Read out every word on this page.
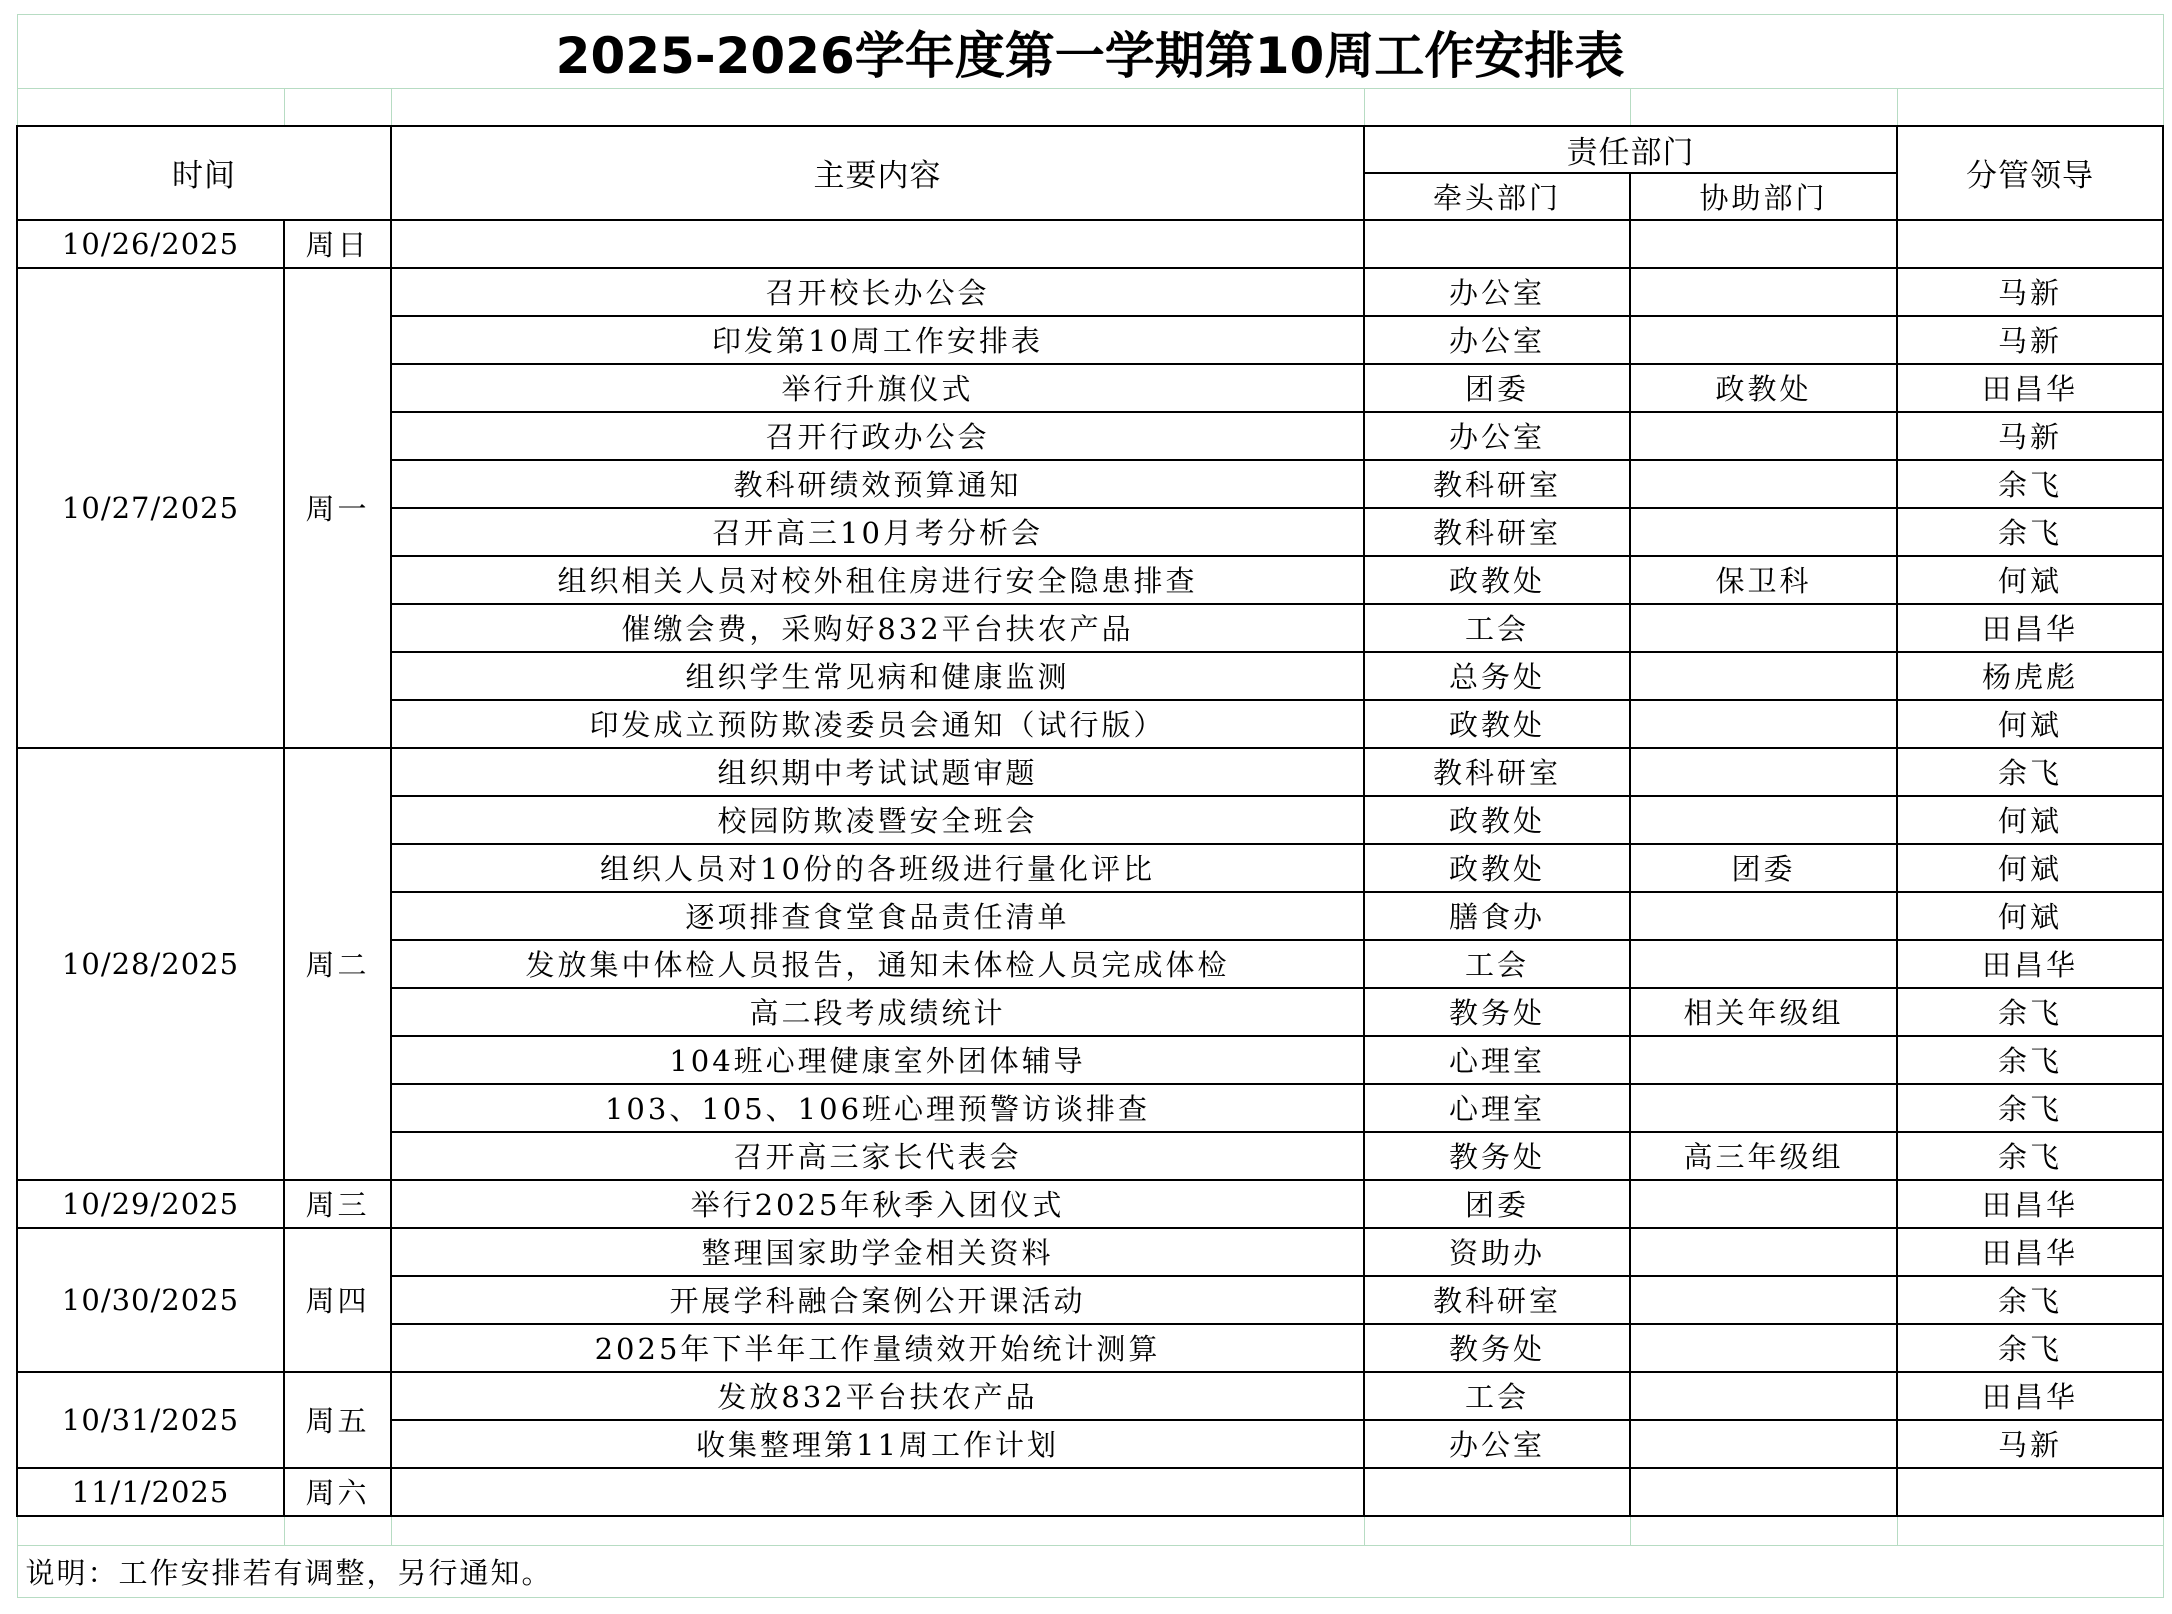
2025-2026学年度第一学期第10周工作安排表					

时间		主要内容	责任部门		分管领导
			牵头部门	协助部门	
10/26/2025	周日				
10/27/2025	周一	召开校长办公会	办公室		马新
		印发第10周工作安排表	办公室		马新
		举行升旗仪式	团委	政教处	田昌华
		召开行政办公会	办公室		马新
		教科研绩效预算通知	教科研室		余飞
		召开高三10月考分析会	教科研室		余飞
		组织相关人员对校外租住房进行安全隐患排查	政教处	保卫科	何斌
		催缴会费，采购好832平台扶农产品	工会		田昌华
		组织学生常见病和健康监测	总务处		杨虎彪
		印发成立预防欺凌委员会通知（试行版）	政教处		何斌
10/28/2025	周二	组织期中考试试题审题	教科研室		余飞
		校园防欺凌暨安全班会	政教处		何斌
		组织人员对10份的各班级进行量化评比	政教处	团委	何斌
		逐项排查食堂食品责任清单	膳食办		何斌
		发放集中体检人员报告，通知未体检人员完成体检	工会		田昌华
		高二段考成绩统计	教务处	相关年级组	余飞
		104班心理健康室外团体辅导	心理室		余飞
		103、105、106班心理预警访谈排查	心理室		余飞
		召开高三家长代表会	教务处	高三年级组	余飞
10/29/2025	周三	举行2025年秋季入团仪式	团委		田昌华
10/30/2025	周四	整理国家助学金相关资料	资助办		田昌华
		开展学科融合案例公开课活动	教科研室		余飞
		2025年下半年工作量绩效开始统计测算	教务处		余飞
10/31/2025	周五	发放832平台扶农产品	工会		田昌华
		收集整理第11周工作计划	办公室		马新
11/1/2025	周六				

说明：工作安排若有调整，另行通知。					
